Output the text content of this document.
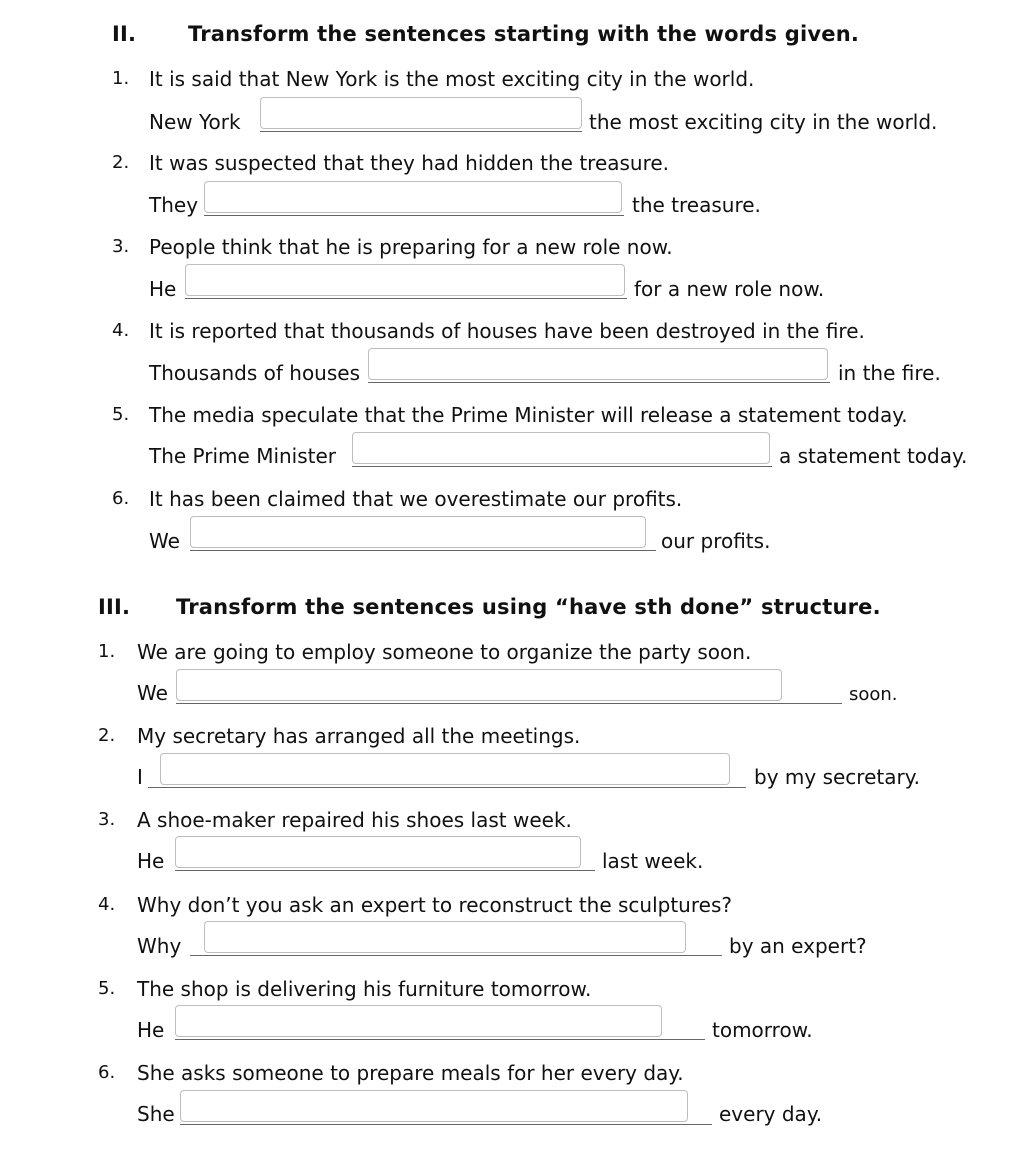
II. Transform the sentences starting with the words given.
1. It is said that New York is the most exciting city in the world.
New York	the most exciting city in the world.
2. It was suspected that they had hidden the treasure.
They	the treasure.
3. People think that he is preparing for a new role now.
He	for a new role now.
4. It is reported that thousands of houses have been destroyed in the fire.
Thousands of houses	in the fire.
5. The media speculate that the Prime Minister will release a statement today.
The Prime Minister	a statement today.
6. It has been claimed that we overestimate our profits.
We	our profits.
III. Transform the sentences using “have sth done” structure.
1. We are going to employ someone to organize the party soon.
We	soon.
2. My secretary has arranged all the meetings.
I	by my secretary.
3. A shoe-maker repaired his shoes last week.
He	last week.
4. Why don’t you ask an expert to reconstruct the sculptures?
Why	by an expert?
5. The shop is delivering his furniture tomorrow.
He	tomorrow.
6. She asks someone to prepare meals for her every day.
She	every day.
